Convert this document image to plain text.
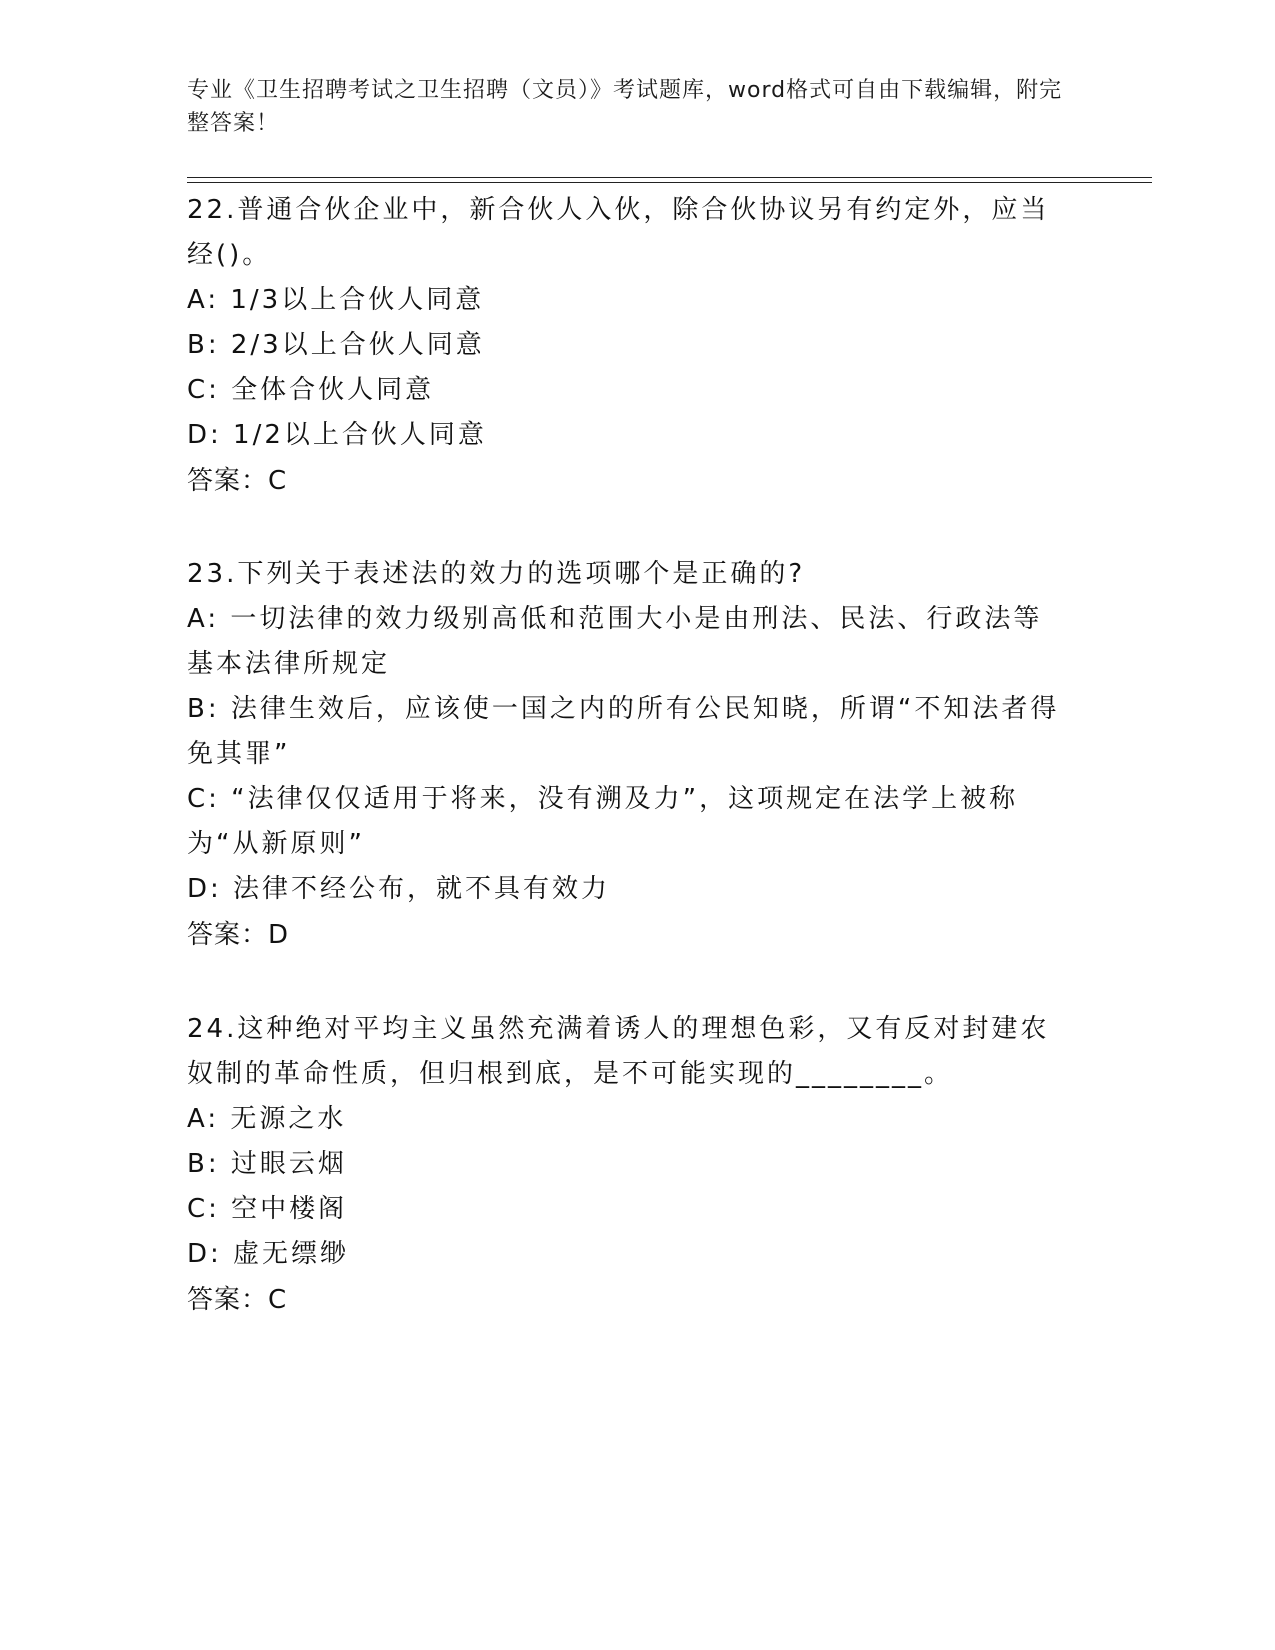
专业《卫生招聘考试之卫生招聘（文员）》考试题库，word格式可自由下载编辑，附完整答案！

22.普通合伙企业中，新合伙人入伙，除合伙协议另有约定外，应当经()。

A: 1/3以上合伙人同意

B: 2/3以上合伙人同意

C: 全体合伙人同意

D: 1/2以上合伙人同意

答案：C

23.下列关于表述法的效力的选项哪个是正确的?

A: 一切法律的效力级别高低和范围大小是由刑法、民法、行政法等基本法律所规定

B: 法律生效后，应该使一国之内的所有公民知晓，所谓“不知法者得免其罪”

C: “法律仅仅适用于将来，没有溯及力”，这项规定在法学上被称为“从新原则”

D: 法律不经公布，就不具有效力

答案：D

24.这种绝对平均主义虽然充满着诱人的理想色彩，又有反对封建农奴制的革命性质，但归根到底，是不可能实现的________。

A: 无源之水

B: 过眼云烟

C: 空中楼阁

D: 虚无缥缈

答案：C
